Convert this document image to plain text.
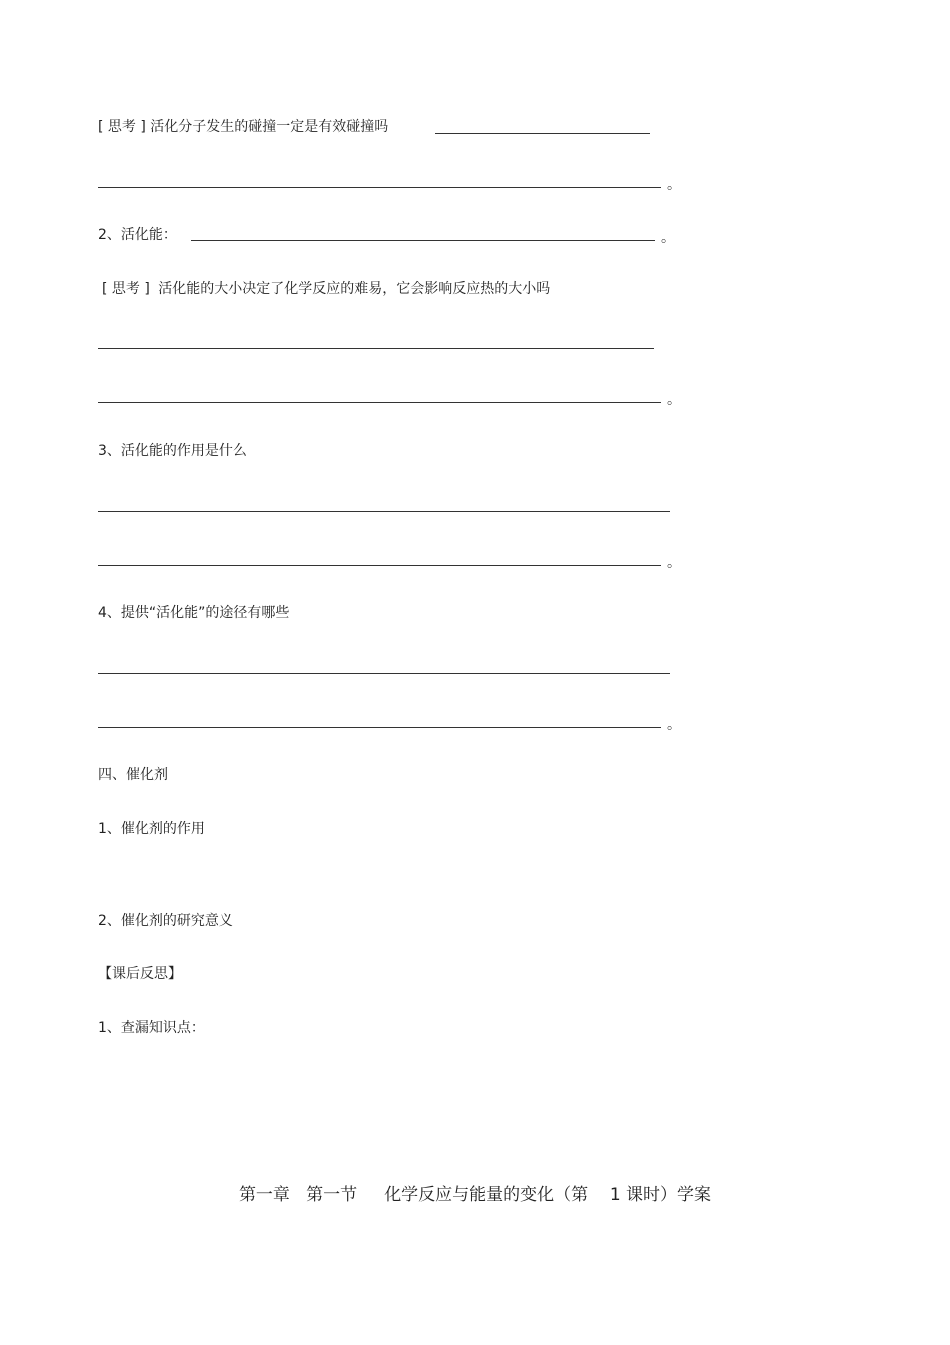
[ 思考 ] 活化分子发生的碰撞一定是有效碰撞吗
。
2、活化能：	。
[ 思考 ] 活化能的大小决定了化学反应的难易，它会影响反应热的大小吗
。
3、活化能的作用是什么
。
4、提供“活化能”的途径有哪些
。
四、催化剂
1、催化剂的作用
2、催化剂的研究意义
【课后反思】
1、查漏知识点：
第一章 第一节 化学反应与能量的变化（第 1 课时）学案
